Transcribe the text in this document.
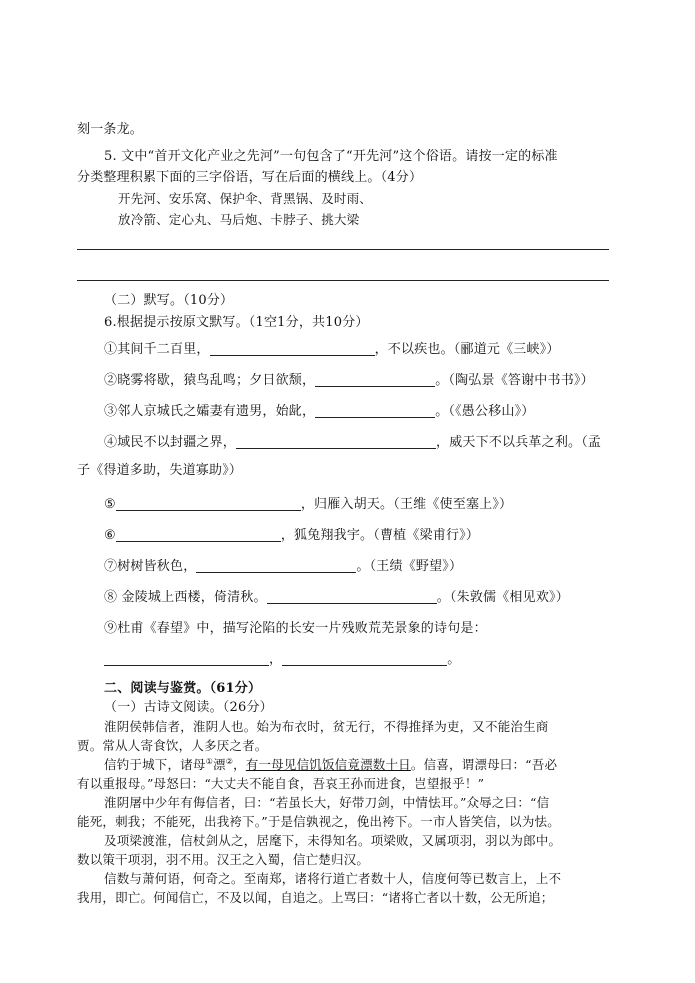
刻一条龙。
5. 文中“首开文化产业之先河”一句包含了“开先河”这个俗语。请按一定的标准
分类整理积累下面的三字俗语，写在后面的横线上。（4分）
开先河、安乐窝、保护伞、背黑锅、及时雨、
放冷箭、定心丸、马后炮、卡脖子、挑大梁
（二）默写。（10分）
6.根据提示按原文默写。（1空1分，共10分）
①其间千二百里，	，不以疾也。（郦道元《三峡》）
②晓雾将歇，猿鸟乱鸣；夕日欲颓，	。（陶弘景《答谢中书书》）
③邻人京城氏之孀妻有遗男，始龀，	。（《愚公移山》）
④域民不以封疆之界，	，威天下不以兵革之利。（孟
子《得道多助，失道寡助》）
⑤	，归雁入胡天。（王维《使至塞上》）
⑥	，狐兔翔我宇。（曹植《梁甫行》）
⑦树树皆秋色，	。（王绩《野望》）
⑧ 金陵城上西楼，倚清秋。	。（朱敦儒《相见欢》）
⑨杜甫《春望》中，描写沦陷的长安一片残败荒芜景象的诗句是：
，	。
二、阅读与鉴赏。（61分）
（一）古诗文阅读。（26分）
淮阴侯韩信者，淮阴人也。始为布衣时，贫无行，不得推择为吏，又不能治生商
贾。常从人寄食饮，人多厌之者。
信钓于城下，诸母①漂②，有一母见信饥饭信竟漂数十日。信喜，谓漂母曰：“吾必
有以重报母。”母怒曰：“大丈夫不能自食，吾哀王孙而进食，岂望报乎！”
淮阴屠中少年有侮信者，曰：“若虽长大，好带刀剑，中情怯耳。”众辱之曰：“信
能死，刺我；不能死，出我袴下。”于是信孰视之，俛出袴下。一市人皆笑信，以为怯。
及项梁渡淮，信杖剑从之，居麾下，未得知名。项梁败，又属项羽，羽以为郎中。
数以策干项羽，羽不用。汉王之入蜀，信亡楚归汉。
信数与萧何语，何奇之。至南郑，诸将行道亡者数十人，信度何等已数言上，上不
我用，即亡。何闻信亡，不及以闻，自追之。上骂曰：“诸将亡者以十数，公无所追；
